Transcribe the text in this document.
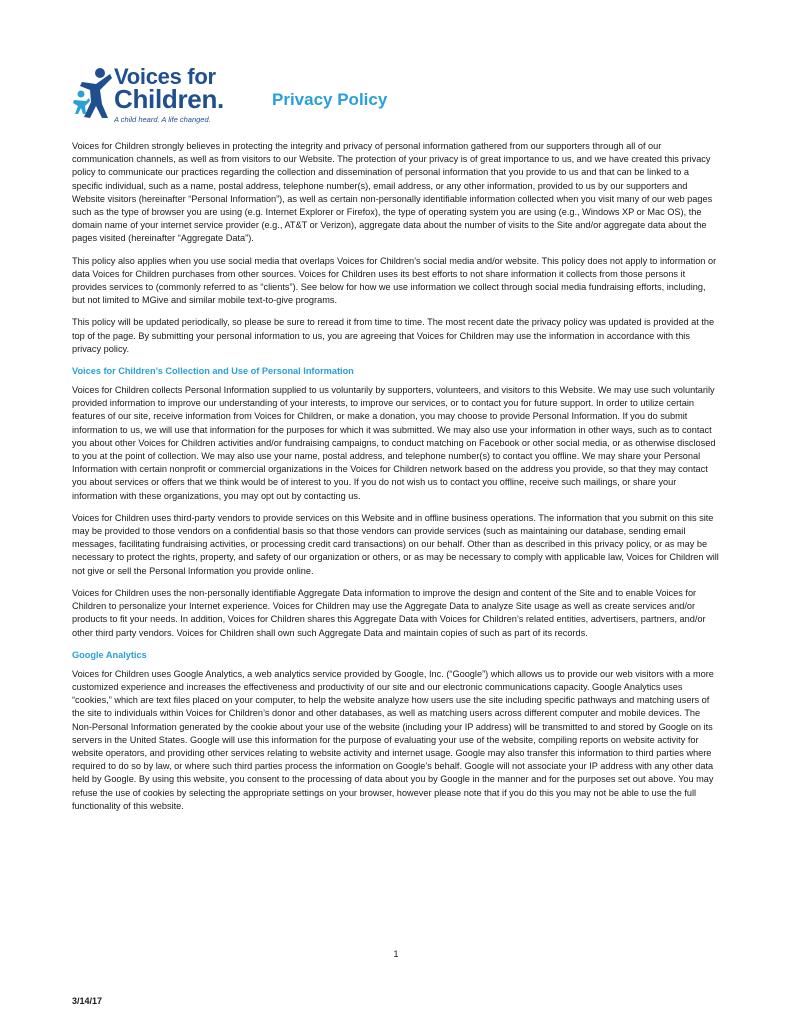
Voices for
Children.
A child heard. A life changed.
Privacy Policy

Voices for Children strongly believes in protecting the integrity and privacy of personal information gathered from our supporters through all of our communication channels, as well as from visitors to our Website. The protection of your privacy is of great importance to us, and we have created this privacy policy to communicate our practices regarding the collection and dissemination of personal information that you provide to us and that can be linked to a specific individual, such as a name, postal address, telephone number(s), email address, or any other information, provided to us by our supporters and Website visitors (hereinafter “Personal Information”), as well as certain non-personally identifiable information collected when you visit many of our web pages such as the type of browser you are using (e.g. Internet Explorer or Firefox), the type of operating system you are using (e.g., Windows XP or Mac OS), the domain name of your internet service provider (e.g., AT&T or Verizon), aggregate data about the number of visits to the Site and/or aggregate data about the pages visited (hereinafter “Aggregate Data”).

This policy also applies when you use social media that overlaps Voices for Children’s social media and/or website. This policy does not apply to information or data Voices for Children purchases from other sources. Voices for Children uses its best efforts to not share information it collects from those persons it provides services to (commonly referred to as “clients”). See below for how we use information we collect through social media fundraising efforts, including, but not limited to MGive and similar mobile text-to-give programs.

This policy will be updated periodically, so please be sure to reread it from time to time. The most recent date the privacy policy was updated is provided at the top of the page. By submitting your personal information to us, you are agreeing that Voices for Children may use the information in accordance with this privacy policy.

Voices for Children’s Collection and Use of Personal Information

Voices for Children collects Personal Information supplied to us voluntarily by supporters, volunteers, and visitors to this Website. We may use such voluntarily provided information to improve our understanding of your interests, to improve our services, or to contact you for future support. In order to utilize certain features of our site, receive information from Voices for Children, or make a donation, you may choose to provide Personal Information. If you do submit information to us, we will use that information for the purposes for which it was submitted. We may also use your information in other ways, such as to contact you about other Voices for Children activities and/or fundraising campaigns, to conduct matching on Facebook or other social media, or as otherwise disclosed to you at the point of collection. We may also use your name, postal address, and telephone number(s) to contact you offline. We may share your Personal Information with certain nonprofit or commercial organizations in the Voices for Children network based on the address you provide, so that they may contact you about services or offers that we think would be of interest to you. If you do not wish us to contact you offline, receive such mailings, or share your information with these organizations, you may opt out by contacting us.

Voices for Children uses third-party vendors to provide services on this Website and in offline business operations. The information that you submit on this site may be provided to those vendors on a confidential basis so that those vendors can provide services (such as maintaining our database, sending email messages, facilitating fundraising activities, or processing credit card transactions) on our behalf. Other than as described in this privacy policy, or as may be necessary to protect the rights, property, and safety of our organization or others, or as may be necessary to comply with applicable law, Voices for Children will not give or sell the Personal Information you provide online.

Voices for Children uses the non-personally identifiable Aggregate Data information to improve the design and content of the Site and to enable Voices for Children to personalize your Internet experience. Voices for Children may use the Aggregate Data to analyze Site usage as well as create services and/or products to fit your needs. In addition, Voices for Children shares this Aggregate Data with Voices for Children’s related entities, advertisers, partners, and/or other third party vendors. Voices for Children shall own such Aggregate Data and maintain copies of such as part of its records.

Google Analytics

Voices for Children uses Google Analytics, a web analytics service provided by Google, Inc. (“Google”) which allows us to provide our web visitors with a more customized experience and increases the effectiveness and productivity of our site and our electronic communications capacity. Google Analytics uses “cookies,” which are text files placed on your computer, to help the website analyze how users use the site including specific pathways and matching users of the site to individuals within Voices for Children’s donor and other databases, as well as matching users across different computer and mobile devices. The Non-Personal Information generated by the cookie about your use of the website (including your IP address) will be transmitted to and stored by Google on its servers in the United States. Google will use this information for the purpose of evaluating your use of the website, compiling reports on website activity for website operators, and providing other services relating to website activity and internet usage. Google may also transfer this information to third parties where required to do so by law, or where such third parties process the information on Google’s behalf. Google will not associate your IP address with any other data held by Google. By using this website, you consent to the processing of data about you by Google in the manner and for the purposes set out above. You may refuse the use of cookies by selecting the appropriate settings on your browser, however please note that if you do this you may not be able to use the full functionality of this website.

1
3/14/17
